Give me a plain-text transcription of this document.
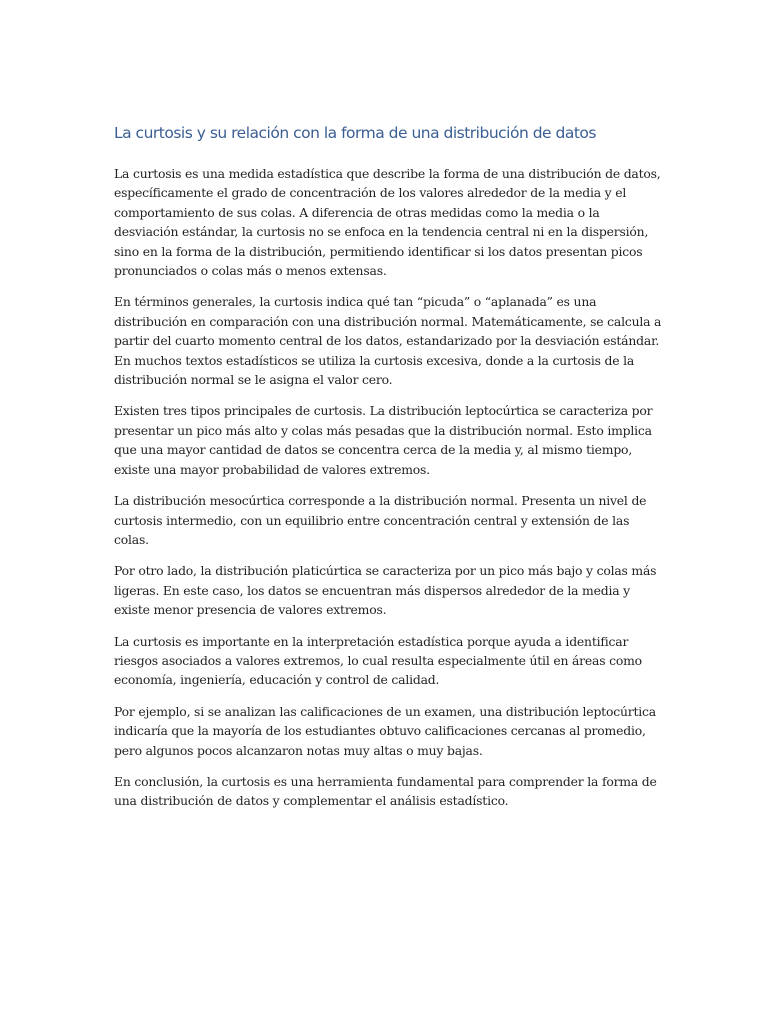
La curtosis y su relación con la forma de una distribución de datos

La curtosis es una medida estadística que describe la forma de una distribución de datos, específicamente el grado de concentración de los valores alrededor de la media y el comportamiento de sus colas. A diferencia de otras medidas como la media o la desviación estándar, la curtosis no se enfoca en la tendencia central ni en la dispersión, sino en la forma de la distribución, permitiendo identificar si los datos presentan picos pronunciados o colas más o menos extensas.

En términos generales, la curtosis indica qué tan “picuda” o “aplanada” es una distribución en comparación con una distribución normal. Matemáticamente, se calcula a partir del cuarto momento central de los datos, estandarizado por la desviación estándar. En muchos textos estadísticos se utiliza la curtosis excesiva, donde a la curtosis de la distribución normal se le asigna el valor cero.

Existen tres tipos principales de curtosis. La distribución leptocúrtica se caracteriza por presentar un pico más alto y colas más pesadas que la distribución normal. Esto implica que una mayor cantidad de datos se concentra cerca de la media y, al mismo tiempo, existe una mayor probabilidad de valores extremos.

La distribución mesocúrtica corresponde a la distribución normal. Presenta un nivel de curtosis intermedio, con un equilibrio entre concentración central y extensión de las colas.

Por otro lado, la distribución platicúrtica se caracteriza por un pico más bajo y colas más ligeras. En este caso, los datos se encuentran más dispersos alrededor de la media y existe menor presencia de valores extremos.

La curtosis es importante en la interpretación estadística porque ayuda a identificar riesgos asociados a valores extremos, lo cual resulta especialmente útil en áreas como economía, ingeniería, educación y control de calidad.

Por ejemplo, si se analizan las calificaciones de un examen, una distribución leptocúrtica indicaría que la mayoría de los estudiantes obtuvo calificaciones cercanas al promedio, pero algunos pocos alcanzaron notas muy altas o muy bajas.

En conclusión, la curtosis es una herramienta fundamental para comprender la forma de una distribución de datos y complementar el análisis estadístico.
